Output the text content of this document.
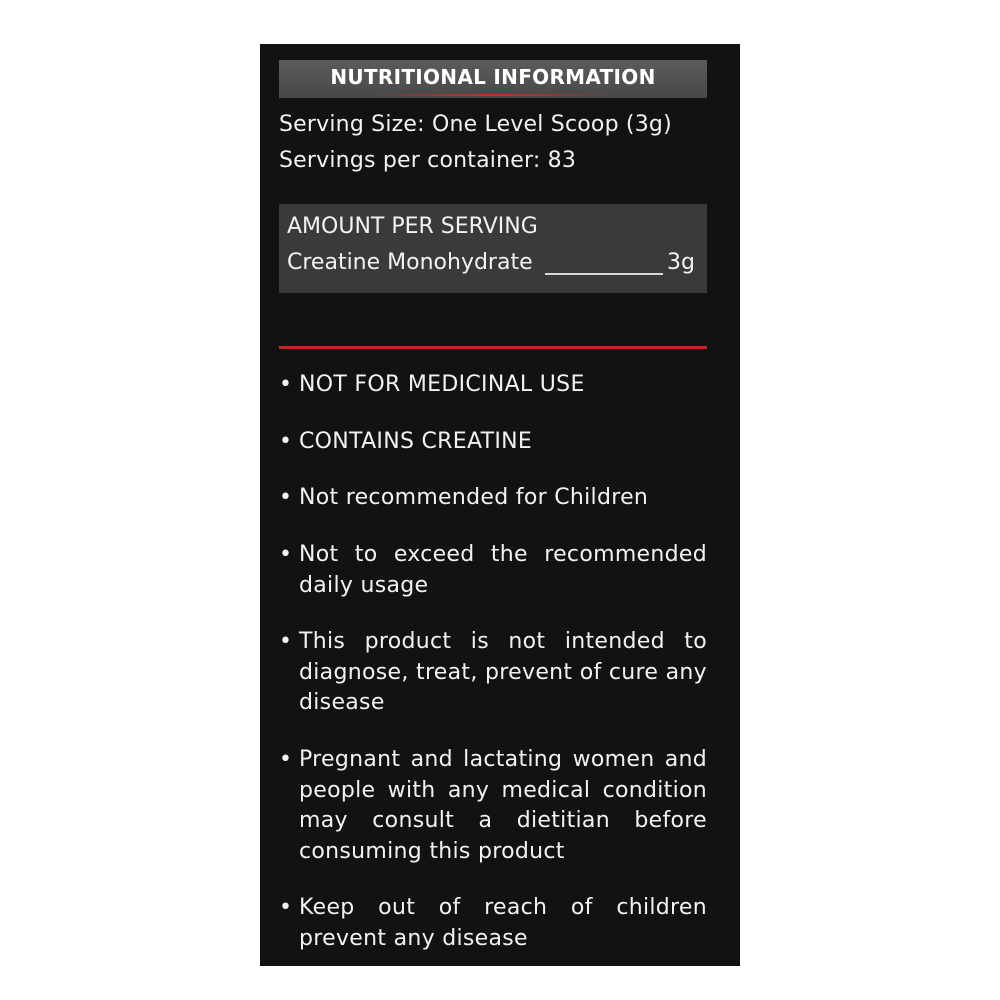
NUTRITIONAL INFORMATION
Serving Size: One Level Scoop (3g)
Servings per container: 83
AMOUNT PER SERVING
Creatine Monohydrate	3g
• NOT FOR MEDICINAL USE
• CONTAINS CREATINE
• Not recommended for Children
• Not to exceed the recommended daily usage
• This product is not intended to diagnose, treat, prevent of cure any disease
• Pregnant and lactating women and people with any medical condition may consult a dietitian before consuming this product
• Keep out of reach of children prevent any disease
